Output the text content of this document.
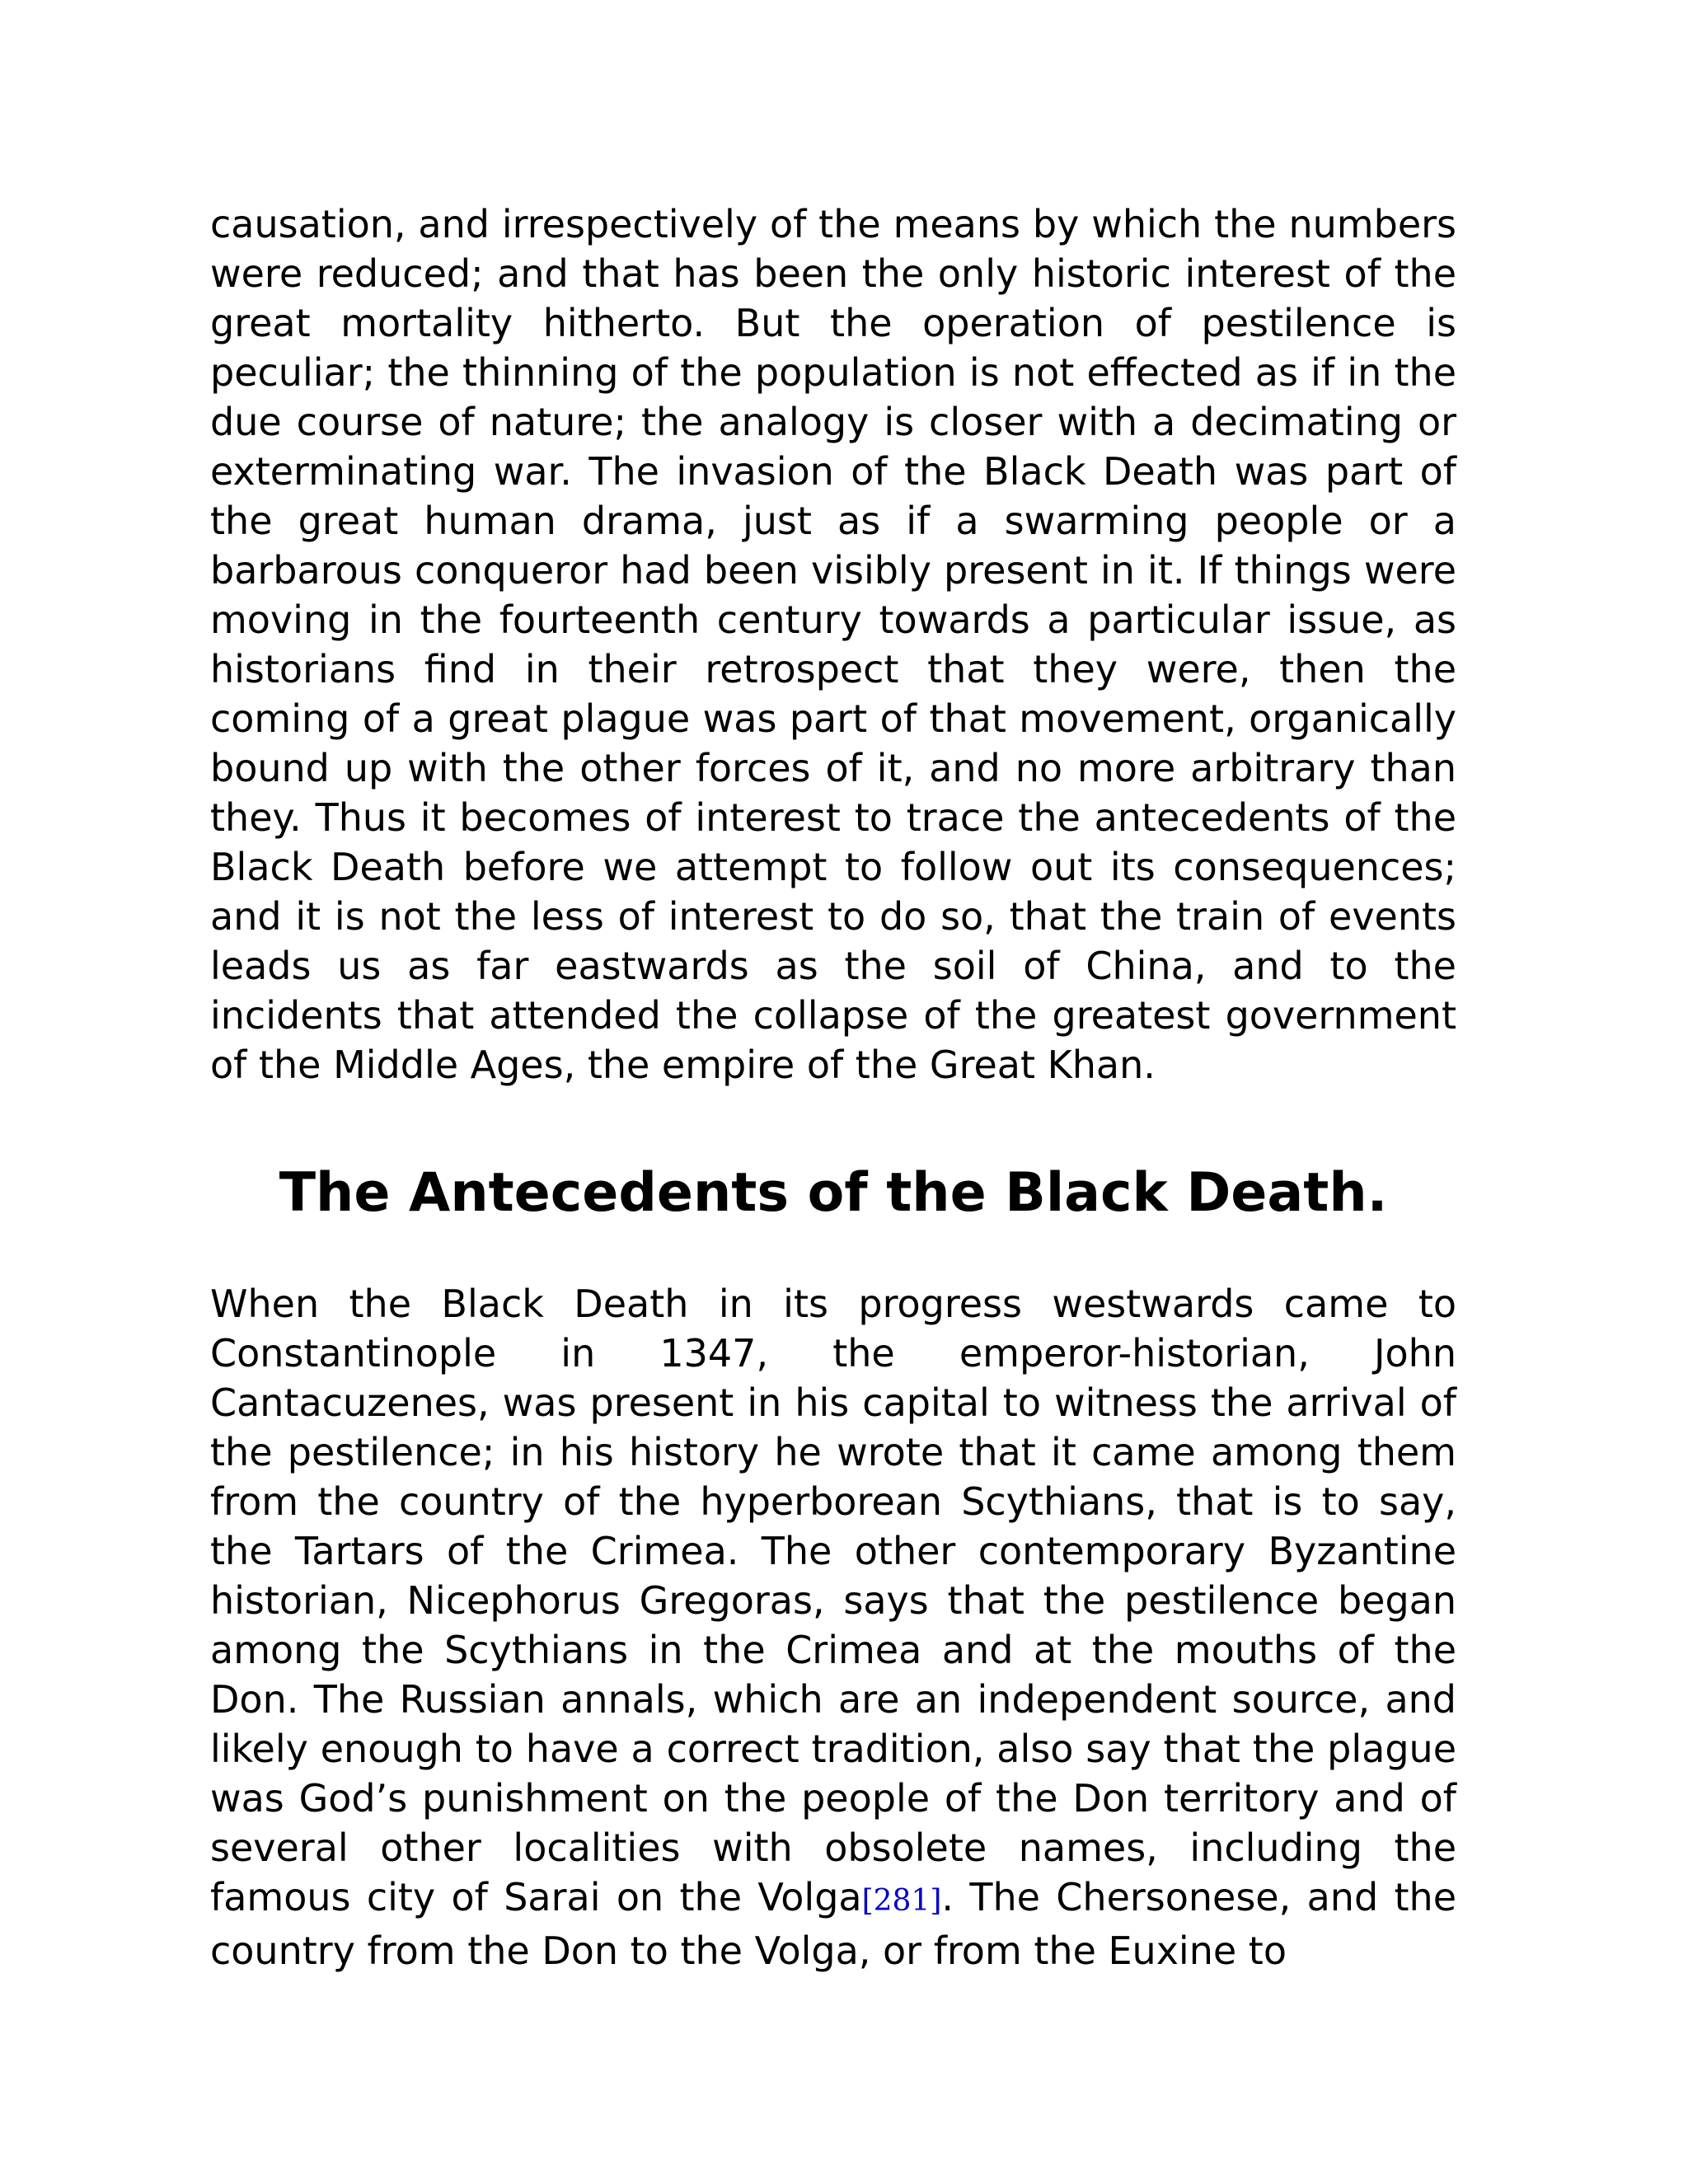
causation, and irrespectively of the means by which the numbers were reduced; and that has been the only historic interest of the great mortality hitherto. But the operation of pestilence is peculiar; the thinning of the population is not effected as if in the due course of nature; the analogy is closer with a decimating or exterminating war. The invasion of the Black Death was part of the great human drama, just as if a swarming people or a barbarous conqueror had been visibly present in it. If things were moving in the fourteenth century towards a particular issue, as historians find in their retrospect that they were, then the coming of a great plague was part of that movement, organically bound up with the other forces of it, and no more arbitrary than they. Thus it becomes of interest to trace the antecedents of the Black Death before we attempt to follow out its consequences; and it is not the less of interest to do so, that the train of events leads us as far eastwards as the soil of China, and to the incidents that attended the collapse of the greatest government of the Middle Ages, the empire of the Great Khan.

The Antecedents of the Black Death.

When the Black Death in its progress westwards came to Constantinople in 1347, the emperor-historian, John Cantacuzenes, was present in his capital to witness the arrival of the pestilence; in his history he wrote that it came among them from the country of the hyperborean Scythians, that is to say, the Tartars of the Crimea. The other contemporary Byzantine historian, Nicephorus Gregoras, says that the pestilence began among the Scythians in the Crimea and at the mouths of the Don. The Russian annals, which are an independent source, and likely enough to have a correct tradition, also say that the plague was God’s punishment on the people of the Don territory and of several other localities with obsolete names, including the famous city of Sarai on the Volga[281]. The Chersonese, and the country from the Don to the Volga, or from the Euxine to
